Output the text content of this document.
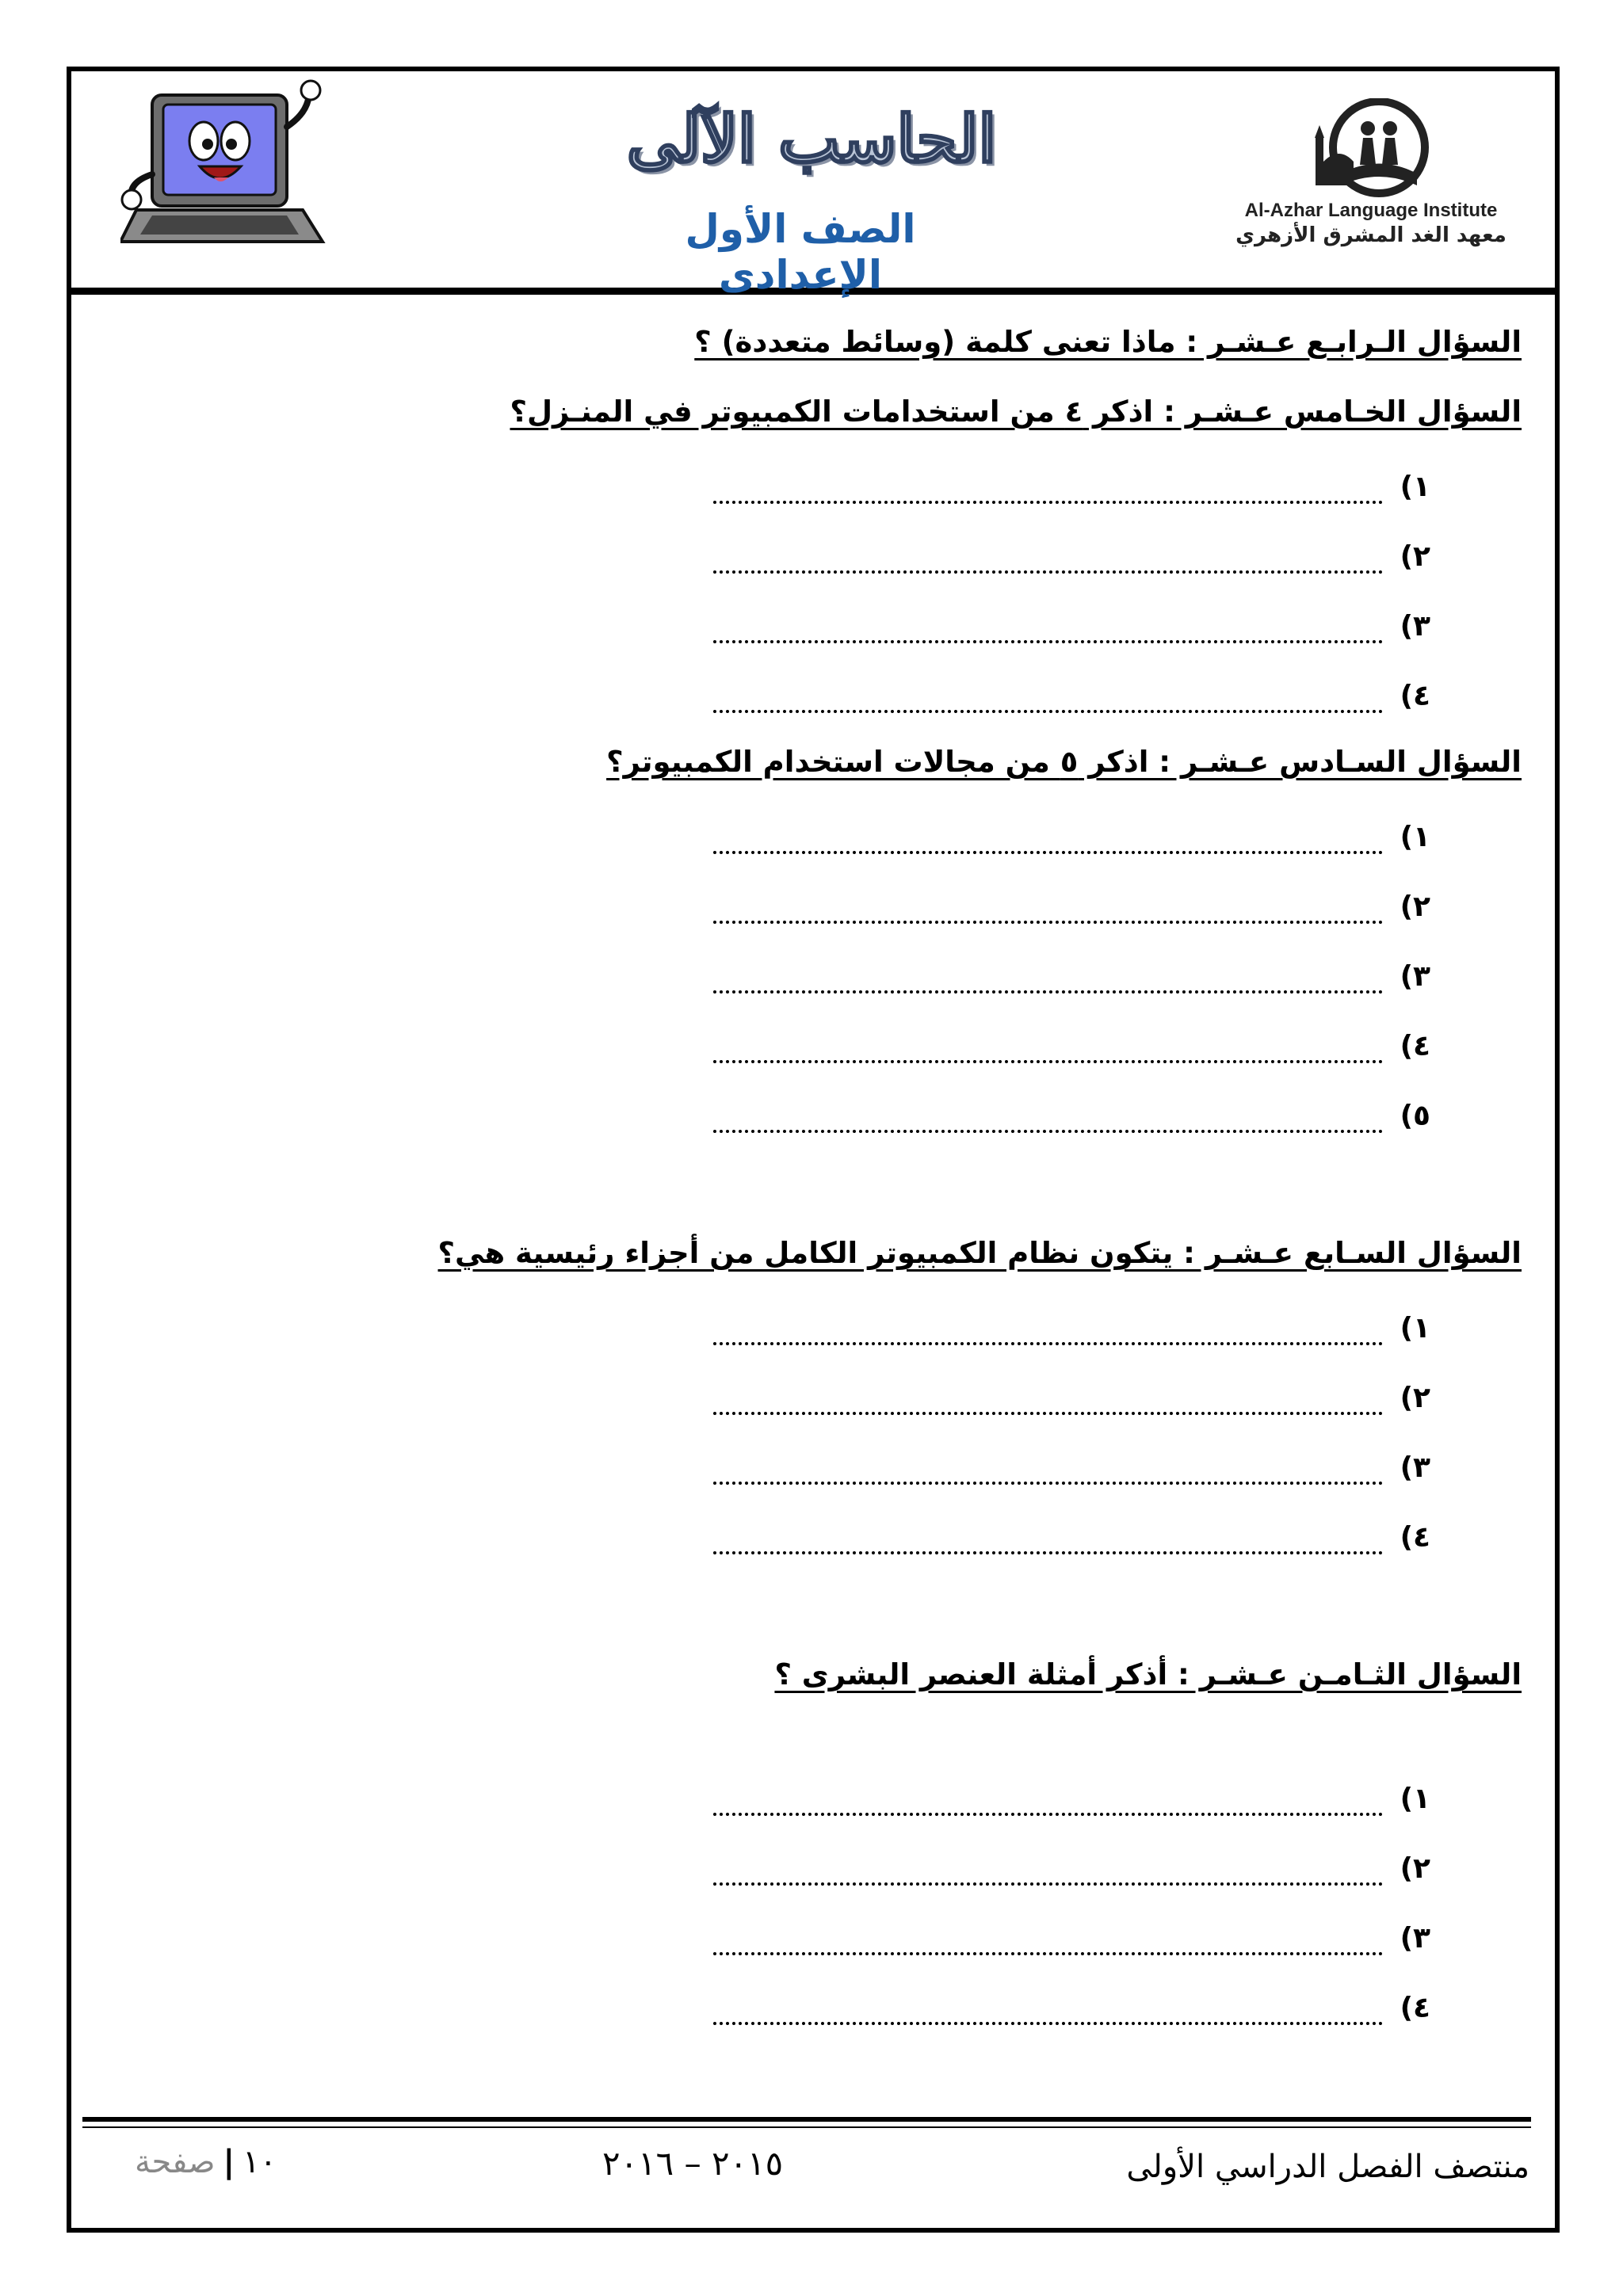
الحاسب الآلى
الصف الأول الإعدادى
Al-Azhar Language Institute
معهد الغد المشرق الأزهري
السؤال الـرابـع عـشـر : ماذا تعنى كلمة (وسائط متعددة) ؟
السؤال الخـامس عـشـر : اذكر ٤ من استخدامات الكمبيوتر في المنـزل؟
١)
٢)
٣)
٤)
السؤال السـادس عـشـر : اذكر ٥ من مجالات استخدام الكمبيوتر؟
١)
٢)
٣)
٤)
٥)
السؤال السـابع عـشـر : يتكون نظام الكمبيوتر الكامل من أجزاء رئيسية هي؟
١)
٢)
٣)
٤)
السؤال الثـامـن عـشـر : أذكر أمثلة العنصر البشرى ؟
١)
٢)
٣)
٤)
منتصف الفصل الدراسي الأولى
٢٠١٥ – ٢٠١٦
١٠|صفحة
